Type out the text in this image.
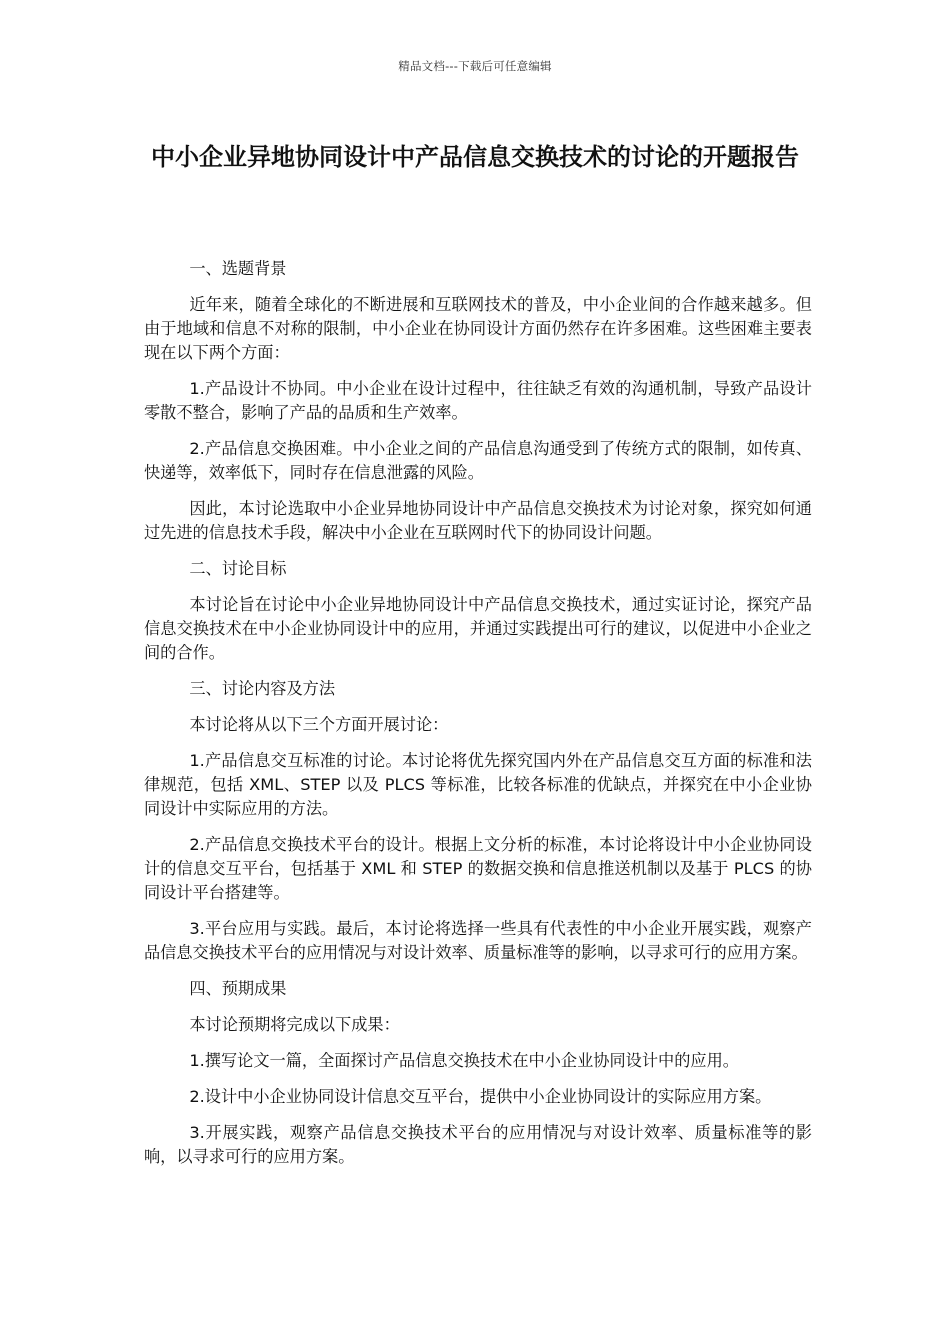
精品文档---下载后可任意编辑
中小企业异地协同设计中产品信息交换技术的讨论的开题报告

一、选题背景

近年来，随着全球化的不断进展和互联网技术的普及，中小企业间的合作越来越多。但由于地域和信息不对称的限制，中小企业在协同设计方面仍然存在许多困难。这些困难主要表现在以下两个方面：

1.产品设计不协同。中小企业在设计过程中，往往缺乏有效的沟通机制，导致产品设计零散不整合，影响了产品的品质和生产效率。

2.产品信息交换困难。中小企业之间的产品信息沟通受到了传统方式的限制，如传真、快递等，效率低下，同时存在信息泄露的风险。

因此，本讨论选取中小企业异地协同设计中产品信息交换技术为讨论对象，探究如何通过先进的信息技术手段，解决中小企业在互联网时代下的协同设计问题。

二、讨论目标

本讨论旨在讨论中小企业异地协同设计中产品信息交换技术，通过实证讨论，探究产品信息交换技术在中小企业协同设计中的应用，并通过实践提出可行的建议，以促进中小企业之间的合作。

三、讨论内容及方法

本讨论将从以下三个方面开展讨论：

1.产品信息交互标准的讨论。本讨论将优先探究国内外在产品信息交互方面的标准和法律规范，包括 XML、STEP 以及 PLCS 等标准，比较各标准的优缺点，并探究在中小企业协同设计中实际应用的方法。

2.产品信息交换技术平台的设计。根据上文分析的标准，本讨论将设计中小企业协同设计的信息交互平台，包括基于 XML 和 STEP 的数据交换和信息推送机制以及基于 PLCS 的协同设计平台搭建等。

3.平台应用与实践。最后，本讨论将选择一些具有代表性的中小企业开展实践，观察产品信息交换技术平台的应用情况与对设计效率、质量标准等的影响，以寻求可行的应用方案。

四、预期成果

本讨论预期将完成以下成果：

1.撰写论文一篇，全面探讨产品信息交换技术在中小企业协同设计中的应用。

2.设计中小企业协同设计信息交互平台，提供中小企业协同设计的实际应用方案。

3.开展实践，观察产品信息交换技术平台的应用情况与对设计效率、质量标准等的影响，以寻求可行的应用方案。
